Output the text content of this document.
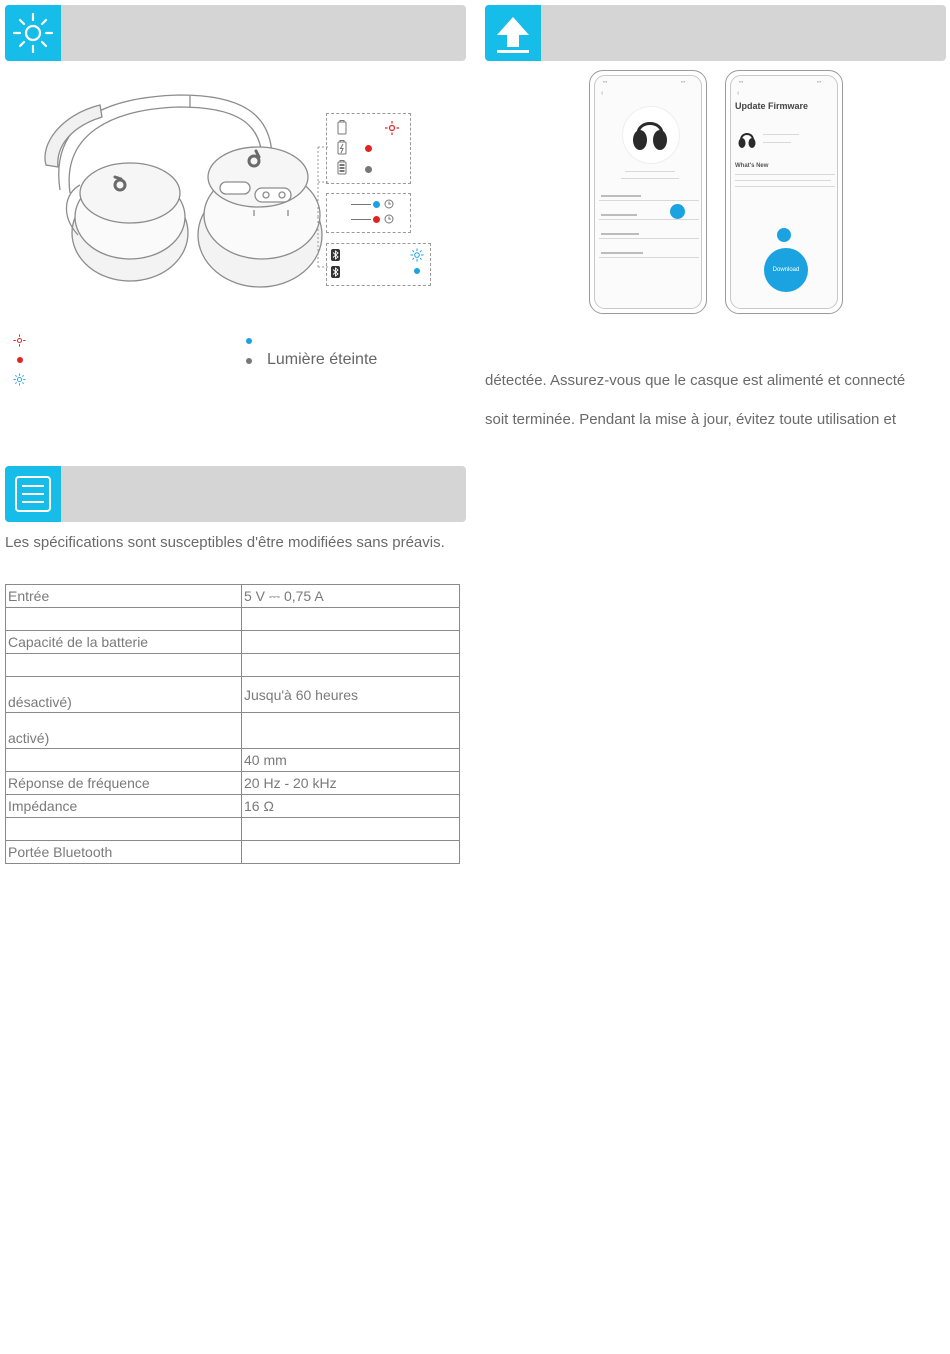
Lumière éteinte
▪▪▪	▪▪▪
‹
▪▪▪	▪▪▪
‹
Update Firmware
What's New
Download
détectée. Assurez-vous que le casque est alimenté et connecté
soit terminée. Pendant la mise à jour, évitez toute utilisation et
Les spécifications sont susceptibles d'être modifiées sans préavis.
Entrée	5 V ⎓ 0,75 A

Capacité de la batterie	

désactivé)	Jusqu'à 60 heures
activé)	
	40 mm
Réponse de fréquence	20 Hz - 20 kHz
Impédance	16 Ω

Portée Bluetooth	
